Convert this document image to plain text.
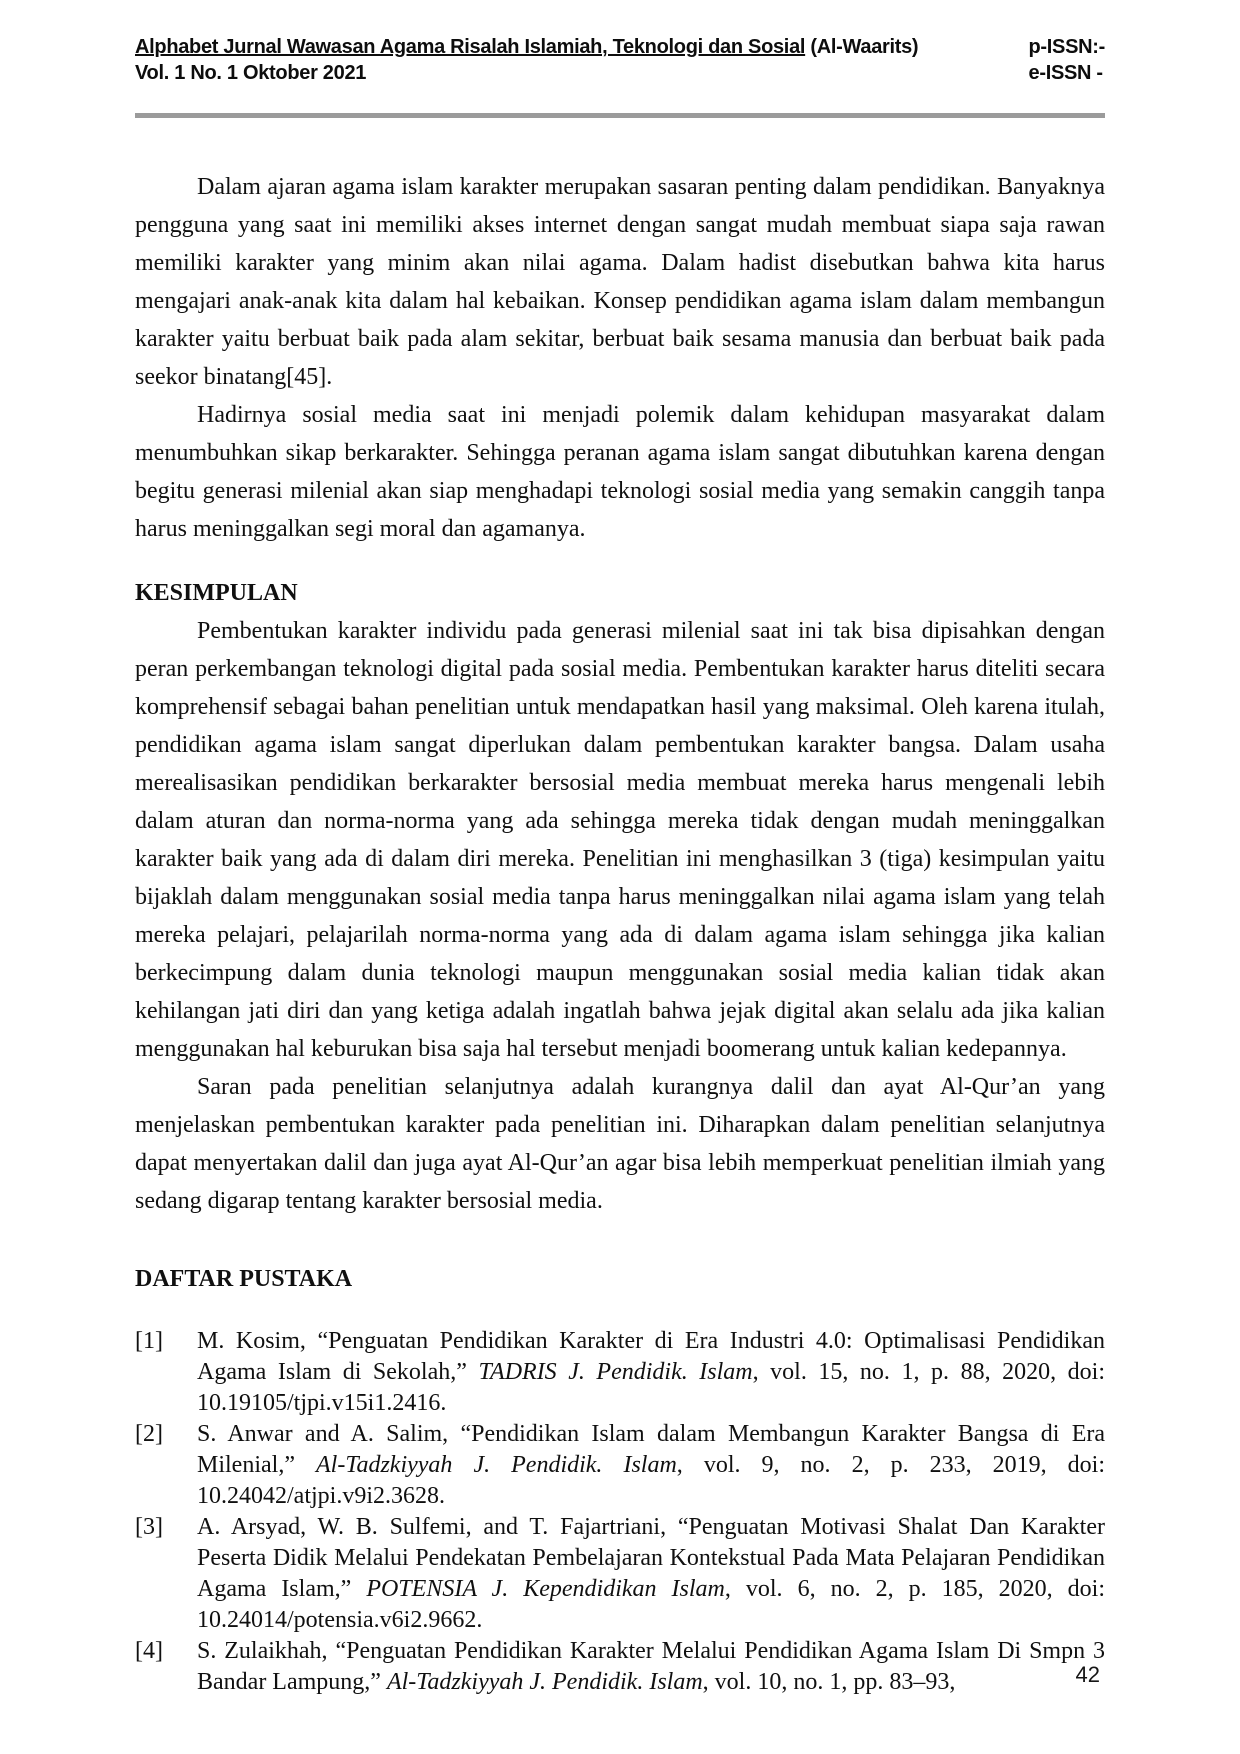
Alphabet Jurnal Wawasan Agama Risalah Islamiah, Teknologi dan Sosial (Al-Waarits)
Vol. 1 No. 1 Oktober 2021
p-ISSN:-
e-ISSN -

Dalam ajaran agama islam karakter merupakan sasaran penting dalam pendidikan. Banyaknya pengguna yang saat ini memiliki akses internet dengan sangat mudah membuat siapa saja rawan memiliki karakter yang minim akan nilai agama. Dalam hadist disebutkan bahwa kita harus mengajari anak-anak kita dalam hal kebaikan. Konsep pendidikan agama islam dalam membangun karakter yaitu berbuat baik pada alam sekitar, berbuat baik sesama manusia dan berbuat baik pada seekor binatang[45].

Hadirnya sosial media saat ini menjadi polemik dalam kehidupan masyarakat dalam menumbuhkan sikap berkarakter. Sehingga peranan agama islam sangat dibutuhkan karena dengan begitu generasi milenial akan siap menghadapi teknologi sosial media yang semakin canggih tanpa harus meninggalkan segi moral dan agamanya.

KESIMPULAN

Pembentukan karakter individu pada generasi milenial saat ini tak bisa dipisahkan dengan peran perkembangan teknologi digital pada sosial media. Pembentukan karakter harus diteliti secara komprehensif sebagai bahan penelitian untuk mendapatkan hasil yang maksimal. Oleh karena itulah, pendidikan agama islam sangat diperlukan dalam pembentukan karakter bangsa. Dalam usaha merealisasikan pendidikan berkarakter bersosial media membuat mereka harus mengenali lebih dalam aturan dan norma-norma yang ada sehingga mereka tidak dengan mudah meninggalkan karakter baik yang ada di dalam diri mereka. Penelitian ini menghasilkan 3 (tiga) kesimpulan yaitu bijaklah dalam menggunakan sosial media tanpa harus meninggalkan nilai agama islam yang telah mereka pelajari, pelajarilah norma-norma yang ada di dalam agama islam sehingga jika kalian berkecimpung dalam dunia teknologi maupun menggunakan sosial media kalian tidak akan kehilangan jati diri dan yang ketiga adalah ingatlah bahwa jejak digital akan selalu ada jika kalian menggunakan hal keburukan bisa saja hal tersebut menjadi boomerang untuk kalian kedepannya.

Saran pada penelitian selanjutnya adalah kurangnya dalil dan ayat Al-Qur’an yang menjelaskan pembentukan karakter pada penelitian ini. Diharapkan dalam penelitian selanjutnya dapat menyertakan dalil dan juga ayat Al-Qur’an agar bisa lebih memperkuat penelitian ilmiah yang sedang digarap tentang karakter bersosial media.

DAFTAR PUSTAKA
[1] M. Kosim, “Penguatan Pendidikan Karakter di Era Industri 4.0: Optimalisasi Pendidikan Agama Islam di Sekolah,” TADRIS J. Pendidik. Islam, vol. 15, no. 1, p. 88, 2020, doi: 10.19105/tjpi.v15i1.2416.
[2] S. Anwar and A. Salim, “Pendidikan Islam dalam Membangun Karakter Bangsa di Era Milenial,” Al-Tadzkiyyah J. Pendidik. Islam, vol. 9, no. 2, p. 233, 2019, doi: 10.24042/atjpi.v9i2.3628.
[3] A. Arsyad, W. B. Sulfemi, and T. Fajartriani, “Penguatan Motivasi Shalat Dan Karakter Peserta Didik Melalui Pendekatan Pembelajaran Kontekstual Pada Mata Pelajaran Pendidikan Agama Islam,” POTENSIA J. Kependidikan Islam, vol. 6, no. 2, p. 185, 2020, doi: 10.24014/potensia.v6i2.9662.
[4] S. Zulaikhah, “Penguatan Pendidikan Karakter Melalui Pendidikan Agama Islam Di Smpn 3 Bandar Lampung,” Al-Tadzkiyyah J. Pendidik. Islam, vol. 10, no. 1, pp. 83–93,	42
